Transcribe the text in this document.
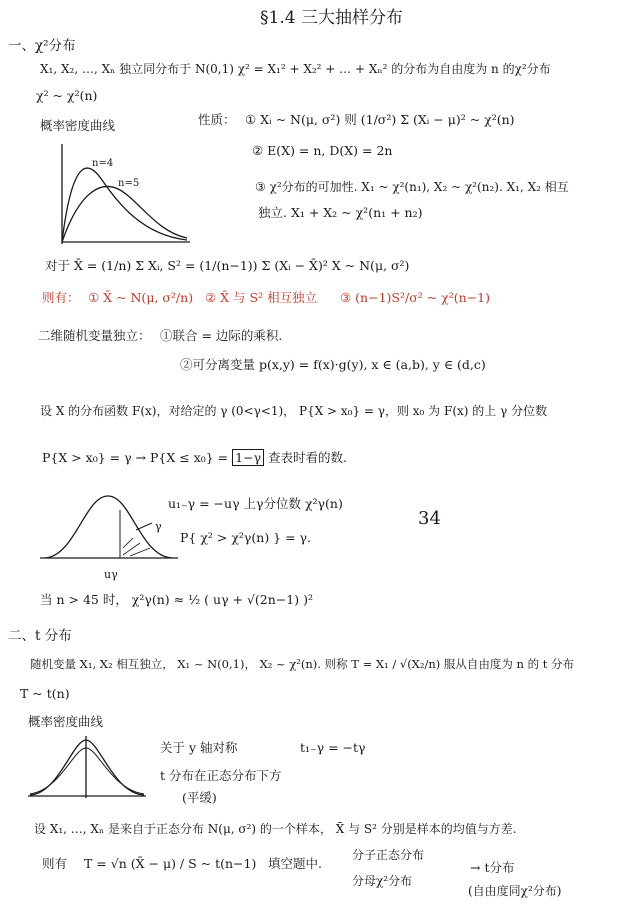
§1.4 三大抽样分布
一、χ²分布
X₁, X₂, …, Xₙ 独立同分布于 N(0,1) χ² = X₁² + X₂² + … + Xₙ² 的分布为自由度为 n 的χ²分布
χ² ~ χ²(n)
概率密度曲线
n=4
n=5
性质： ① Xᵢ ~ N(μ, σ²) 则 (1/σ²) Σ (Xᵢ − μ)² ~ χ²(n)
② E(X) = n, D(X) = 2n
③ χ²分布的可加性. X₁ ~ χ²(n₁), X₂ ~ χ²(n₂). X₁, X₂ 相互
独立. X₁ + X₂ ~ χ²(n₁ + n₂)
对于 X̄ = (1/n) Σ Xᵢ, S² = (1/(n−1)) Σ (Xᵢ − X̄)² X ~ N(μ, σ²)
则有： ① X̄ ~ N(μ, σ²/n) ② X̄ 与 S² 相互独立 ③ (n−1)S²/σ² ~ χ²(n−1)
二维随机变量独立： ①联合 = 边际的乘积.
②可分离变量 p(x,y) = f(x)·g(y), x ∈ (a,b), y ∈ (d,c)
设 X 的分布函数 F(x)，对给定的 γ (0<γ<1)， P{X > x₀} = γ，则 x₀ 为 F(x) 的上 γ 分位数
P{X > x₀} = γ → P{X ≤ x₀} = 1−γ 查表时看的数.
γ
uγ
u₁₋γ = −uγ 上γ分位数 χ²γ(n)
P{ χ² > χ²γ(n) } = γ.
34
当 n > 45 时， χ²γ(n) ≈ ½ ( uγ + √(2n−1) )²
二、t 分布
随机变量 X₁, X₂ 相互独立， X₁ ~ N(0,1)， X₂ ~ χ²(n). 则称 T = X₁ / √(X₂/n) 服从自由度为 n 的 t 分布
T ~ t(n)
概率密度曲线
关于 y 轴对称	t₁₋γ = −tγ
t 分布在正态分布下方
(平缓)
设 X₁, …, Xₙ 是来自于正态分布 N(μ, σ²) 的一个样本， X̄ 与 S² 分别是样本的均值与方差.
则有 T = √n (X̄ − μ) / S ~ t(n−1) 填空题中.
分子正态分布
分母χ²分布
→ t分布
(自由度同χ²分布)
